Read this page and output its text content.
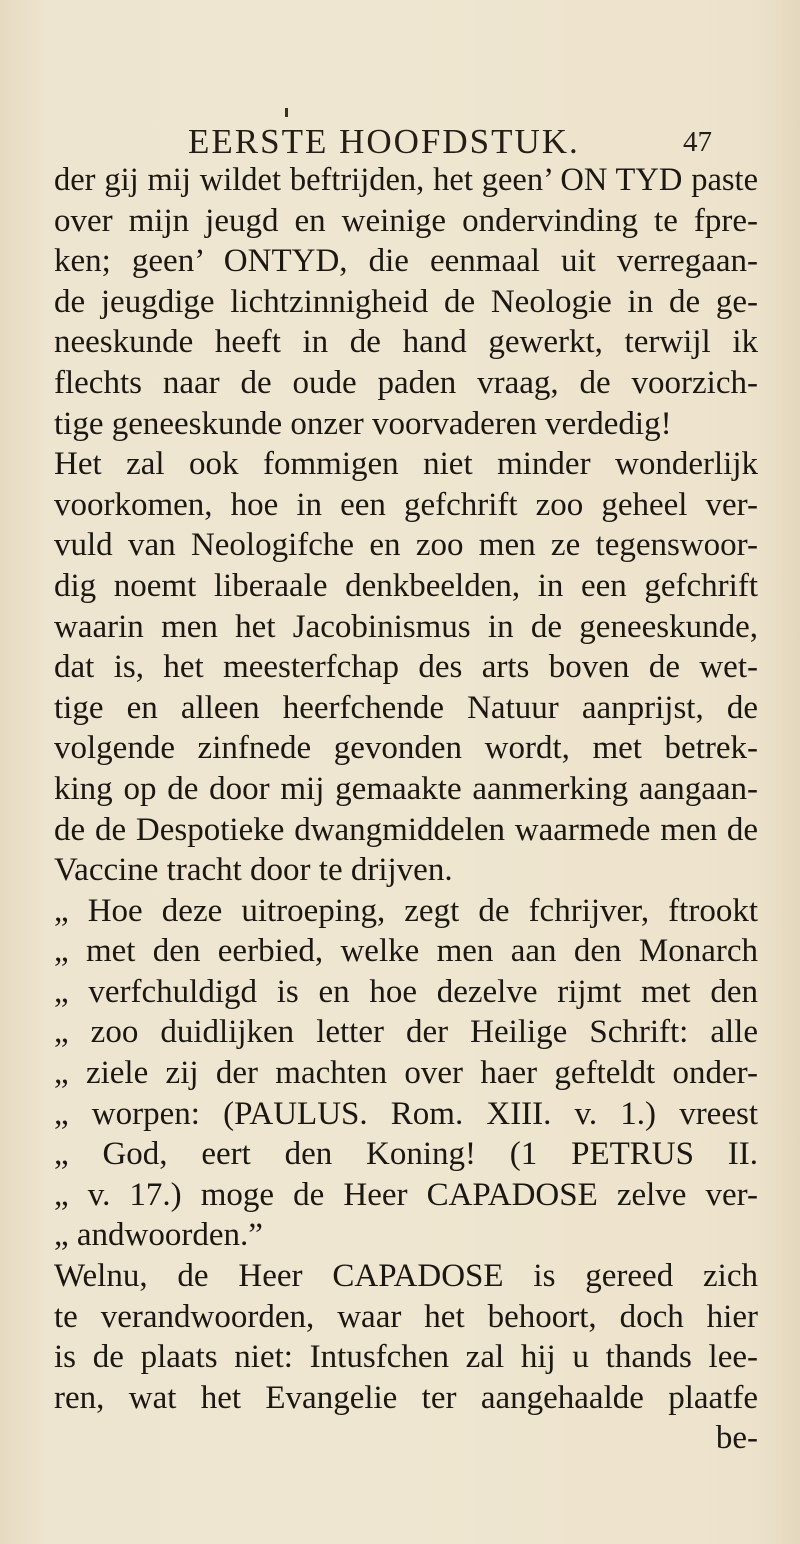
EERSTE HOOFDSTUK.	47
der gij mij wildet beftrijden, het geen’ ON TYD paste
over mijn jeugd en weinige ondervinding te fpre-
ken; geen’ ONTYD, die eenmaal uit verregaan-
de jeugdige lichtzinnigheid de Neologie in de ge-
neeskunde heeft in de hand gewerkt, terwijl ik
flechts naar de oude paden vraag, de voorzich-
tige geneeskunde onzer voorvaderen verdedig!
Het zal ook fommigen niet minder wonderlijk
voorkomen, hoe in een gefchrift zoo geheel ver-
vuld van Neologifche en zoo men ze tegenswoor-
dig noemt liberaale denkbeelden, in een gefchrift
waarin men het Jacobinismus in de geneeskunde,
dat is, het meesterfchap des arts boven de wet-
tige en alleen heerfchende Natuur aanprijst, de
volgende zinfnede gevonden wordt, met betrek-
king op de door mij gemaakte aanmerking aangaan-
de de Despotieke dwangmiddelen waarmede men de
Vaccine tracht door te drijven.
„ Hoe deze uitroeping, zegt de fchrijver, ftrookt
„ met den eerbied, welke men aan den Monarch
„ verfchuldigd is en hoe dezelve rijmt met den
„ zoo duidlijken letter der Heilige Schrift: alle
„ ziele zij der machten over haer gefteldt onder-
„ worpen: (PAULUS. Rom. XIII. v. 1.) vreest
„ God, eert den Koning! (1 PETRUS II.
„ v. 17.) moge de Heer CAPADOSE zelve ver-
„ andwoorden.”
Welnu, de Heer CAPADOSE is gereed zich
te verandwoorden, waar het behoort, doch hier
is de plaats niet: Intusfchen zal hij u thands lee-
ren, wat het Evangelie ter aangehaalde plaatfe
be-
